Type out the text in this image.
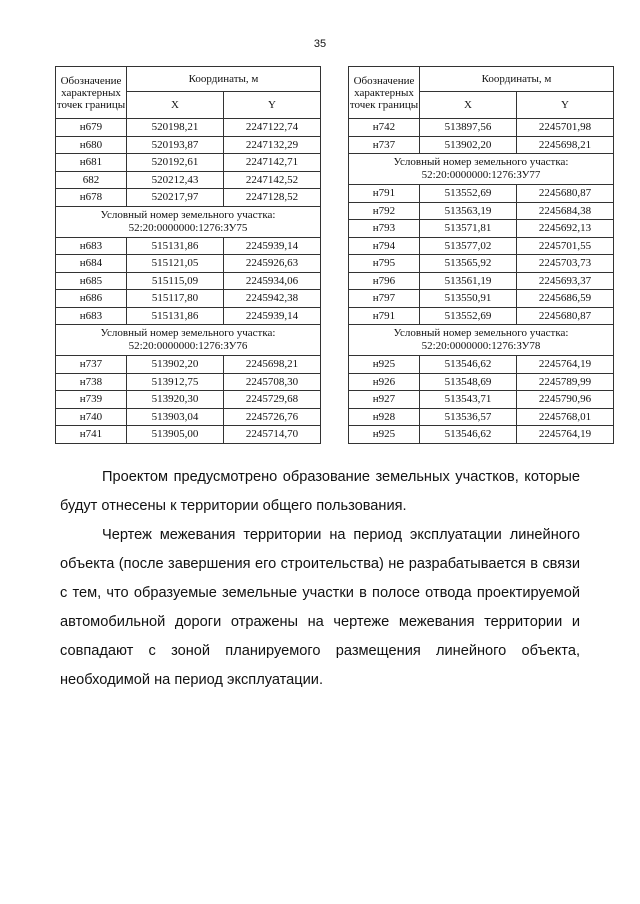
35
Обозначение характерных точек границы	Координаты, м	
	X	Y
н679	520198,21	2247122,74
н680	520193,87	2247132,29
н681	520192,61	2247142,71
682	520212,43	2247142,52
н678	520217,97	2247128,52
Условный номер земельного участка: 52:20:0000000:1276:ЗУ75		
н683	515131,86	2245939,14
н684	515121,05	2245926,63
н685	515115,09	2245934,06
н686	515117,80	2245942,38
н683	515131,86	2245939,14
Условный номер земельного участка: 52:20:0000000:1276:ЗУ76		
н737	513902,20	2245698,21
н738	513912,75	2245708,30
н739	513920,30	2245729,68
н740	513903,04	2245726,76
н741	513905,00	2245714,70
Обозначение характерных точек границы	Координаты, м	
	X	Y
н742	513897,56	2245701,98
н737	513902,20	2245698,21
Условный номер земельного участка: 52:20:0000000:1276:ЗУ77		
н791	513552,69	2245680,87
н792	513563,19	2245684,38
н793	513571,81	2245692,13
н794	513577,02	2245701,55
н795	513565,92	2245703,73
н796	513561,19	2245693,37
н797	513550,91	2245686,59
н791	513552,69	2245680,87
Условный номер земельного участка: 52:20:0000000:1276:ЗУ78		
н925	513546,62	2245764,19
н926	513548,69	2245789,99
н927	513543,71	2245790,96
н928	513536,57	2245768,01
н925	513546,62	2245764,19

Проектом предусмотрено образование земельных участков, которые будут отнесены к территории общего пользования.

Чертеж межевания территории на период эксплуатации линейного объекта (после завершения его строительства) не разрабатывается в связи с тем, что образуемые земельные участки в полосе отвода проектируемой автомобильной дороги отражены на чертеже межевания территории и совпадают с зоной планируемого размещения линейного объекта, необходимой на период эксплуатации.
